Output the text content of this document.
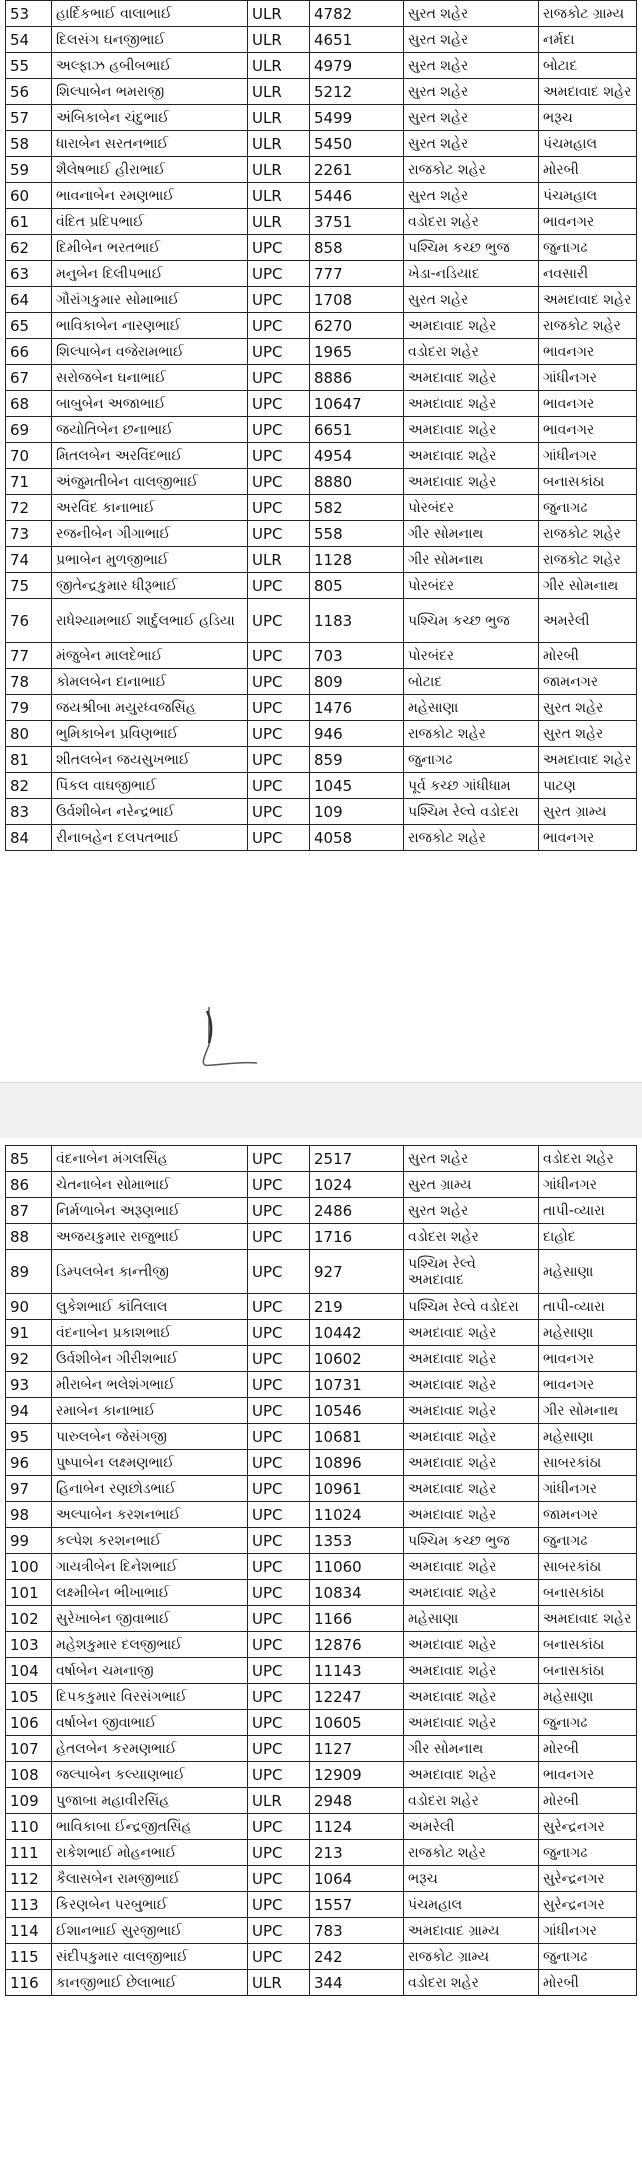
53	હાર્દિકભાઈ વાલાભાઈ	ULR	4782	સુરત શહેર	રાજકોટ ગ્રામ્ય
54	દિલસંગ ઘનજીભાઈ	ULR	4651	સુરત શહેર	નર્મદા
55	અલ્ફાઝ હબીબભાઈ	ULR	4979	સુરત શહેર	બોટાદ
56	શિલ્પાબેન ભમરાજી	ULR	5212	સુરત શહેર	અમદાવાદ શહેર
57	અંબિકાબેન ચંદુભાઈ	ULR	5499	સુરત શહેર	ભરૂચ
58	ધારાબેન સરતનભાઈ	ULR	5450	સુરત શહેર	પંચમહાલ
59	શૈલેષભાઈ હીરાભાઈ	ULR	2261	રાજકોટ શહેર	મોરબી
60	ભાવનાબેન રમણભાઈ	ULR	5446	સુરત શહેર	પંચમહાલ
61	વંદિત પ્રદિપભાઈ	ULR	3751	વડોદરા શહેર	ભાવનગર
62	દિમીબેન ભરતભાઈ	UPC	858	પશ્ચિમ કચ્છ ભુજ	જુનાગઢ
63	મનુબેન દિલીપભાઈ	UPC	777	ખેડા-નડિયાદ	નવસારી
64	ગૌરાંગકુમાર સોમાભાઈ	UPC	1708	સુરત શહેર	અમદાવાદ શહેર
65	ભાવિકાબેન નારણભાઈ	UPC	6270	અમદાવાદ શહેર	રાજકોટ શહેર
66	શિલ્પાબેન વજેરામભાઈ	UPC	1965	વડોદરા શહેર	ભાવનગર
67	સરોજબેન ઘનાભાઈ	UPC	8886	અમદાવાદ શહેર	ગાંધીનગર
68	બાબુબેન અજાભાઈ	UPC	10647	અમદાવાદ શહેર	ભાવનગર
69	જયોતિબેન છનાભાઈ	UPC	6651	અમદાવાદ શહેર	ભાવનગર
70	મિતલબેન અરવિંદભાઈ	UPC	4954	અમદાવાદ શહેર	ગાંધીનગર
71	અંજુમતીબેન વાલજીભાઈ	UPC	8880	અમદાવાદ શહેર	બનાસકાંઠા
72	અરવિંદ કાનાભાઈ	UPC	582	પોરબંદર	જુનાગઢ
73	રજનીબેન ગીગાભાઈ	UPC	558	ગીર સોમનાથ	રાજકોટ શહેર
74	પ્રભાબેન મુળજીભાઈ	ULR	1128	ગીર સોમનાથ	રાજકોટ શહેર
75	જીતેન્દ્રકુમાર ધીરૂભાઈ	UPC	805	પોરબંદર	ગીર સોમનાથ
76	રાધેશ્યામભાઈ શાર્દુલભાઈ હડિયા	UPC	1183	પશ્ચિમ કચ્છ ભુજ	અમરેલી
77	મંજુબેન માલદેભાઈ	UPC	703	પોરબંદર	મોરબી
78	કોમલબેન દાનાભાઈ	UPC	809	બોટાદ	જામનગર
79	જયશ્રીબા મયુરધ્વજસિંહ	UPC	1476	મહેસાણા	સુરત શહેર
80	ભુમિકાબેન પ્રવિણભાઈ	UPC	946	રાજકોટ શહેર	સુરત શહેર
81	શીતલબેન જયસુખભાઈ	UPC	859	જુનાગઢ	અમદાવાદ શહેર
82	પિંકલ વાઘજીભાઈ	UPC	1045	પૂર્વ કચ્છ ગાંધીધામ	પાટણ
83	ઉર્વશીબેન નરેન્દ્રભાઈ	UPC	109	પશ્ચિમ રેલ્વે વડોદરા	સુરત ગ્રામ્ય
84	રીનાબહેન દલપતભાઈ	UPC	4058	રાજકોટ શહેર	ભાવનગર
85	વંદનાબેન મંગલસિંહ	UPC	2517	સુરત શહેર	વડોદરા શહેર
86	ચેતનાબેન સોમાભાઈ	UPC	1024	સુરત ગ્રામ્ય	ગાંધીનગર
87	નિર્મળાબેન અરૂણભાઈ	UPC	2486	સુરત શહેર	તાપી-વ્યારા
88	અજયકુમાર રાજુભાઈ	UPC	1716	વડોદરા શહેર	દાહોદ
89	ડિમ્પલબેન કાન્તીજી	UPC	927	પશ્ચિમ રેલ્વે અમદાવાદ	મહેસાણા
90	લુકેશભાઈ કાંતિલાલ	UPC	219	પશ્ચિમ રેલ્વે વડોદરા	તાપી-વ્યારા
91	વંદનાબેન પ્રકાશભાઈ	UPC	10442	અમદાવાદ શહેર	મહેસાણા
92	ઉર્વશીબેન ગીરીશભાઈ	UPC	10602	અમદાવાદ શહેર	ભાવનગર
93	મીરાબેન ભલેશંગભાઈ	UPC	10731	અમદાવાદ શહેર	ભાવનગર
94	રમાબેન કાનાભાઈ	UPC	10546	અમદાવાદ શહેર	ગીર સોમનાથ
95	પારુલબેન જેસંગજી	UPC	10681	અમદાવાદ શહેર	મહેસાણા
96	પુષ્પાબેન લક્ષ્મણભાઈ	UPC	10896	અમદાવાદ શહેર	સાબરકાંઠા
97	હિનાબેન રણછોડભાઈ	UPC	10961	અમદાવાદ શહેર	ગાંધીનગર
98	અલ્પાબેન કરશનભાઈ	UPC	11024	અમદાવાદ શહેર	જામનગર
99	કલ્પેશ કરશનભાઈ	UPC	1353	પશ્ચિમ કચ્છ ભુજ	જુનાગઢ
100	ગાયત્રીબેન દિનેશભાઈ	UPC	11060	અમદાવાદ શહેર	સાબરકાંઠા
101	લક્ષ્મીબેન ભીખાભાઈ	UPC	10834	અમદાવાદ શહેર	બનાસકાંઠા
102	સુરેખાબેન જીવાભાઈ	UPC	1166	મહેસાણા	અમદાવાદ શહેર
103	મહેશકુમાર દલજીભાઈ	UPC	12876	અમદાવાદ શહેર	બનાસકાંઠા
104	વર્ષાબેન ચમનાજી	UPC	11143	અમદાવાદ શહેર	બનાસકાંઠા
105	દિપકકુમાર વિરસંગભાઈ	UPC	12247	અમદાવાદ શહેર	મહેસાણા
106	વર્ષાબેન જીવાભાઈ	UPC	10605	અમદાવાદ શહેર	જુનાગઢ
107	હેતલબેન કરમણભાઈ	UPC	1127	ગીર સોમનાથ	મોરબી
108	જલ્પાબેન કલ્યાણભાઈ	UPC	12909	અમદાવાદ શહેર	ભાવનગર
109	પુજાબા મહાવીરસિંહ	ULR	2948	વડોદરા શહેર	મોરબી
110	ભાવિકાબા ઈન્દ્રજીતસિંહ	UPC	1124	અમરેલી	સુરેન્દ્રનગર
111	રાકેશભાઈ મોહનભાઈ	UPC	213	રાજકોટ શહેર	જુનાગઢ
112	કૈલાસબેન રામજીભાઈ	UPC	1064	ભરૂચ	સુરેન્દ્રનગર
113	કિરણબેન પરબુભાઈ	UPC	1557	પંચમહાલ	સુરેન્દ્રનગર
114	ઈશાનભાઈ સુરજીભાઈ	UPC	783	અમદાવાદ ગ્રામ્ય	ગાંધીનગર
115	સંદીપકુમાર વાલજીભાઈ	UPC	242	રાજકોટ ગ્રામ્ય	જુનાગઢ
116	કાનજીભાઈ છેલાભાઈ	ULR	344	વડોદરા શહેર	મોરબી
